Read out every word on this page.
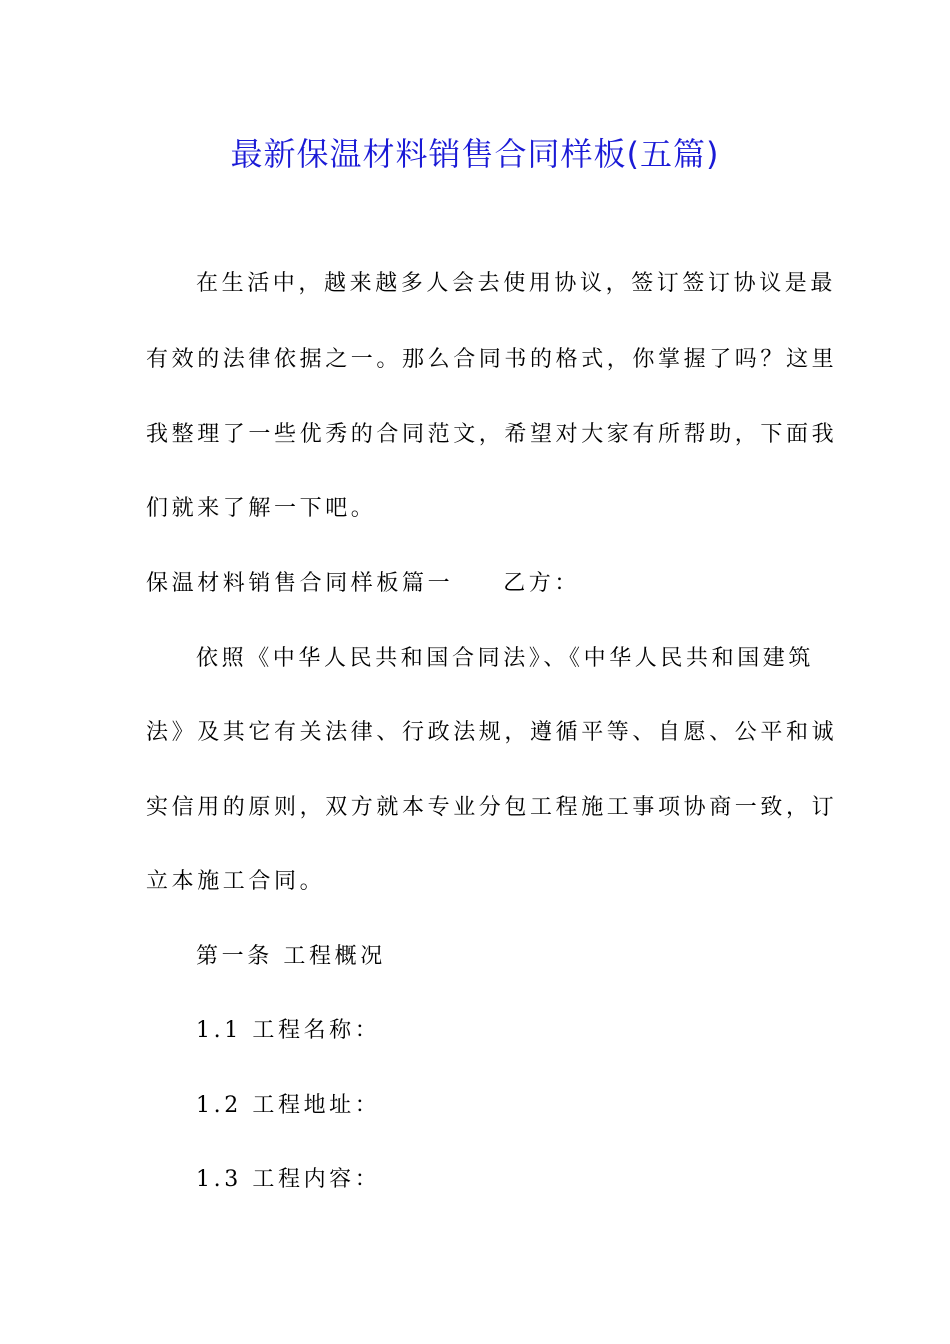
最新保温材料销售合同样板(五篇)
在生活中，越来越多人会去使用协议，签订签订协议是最
有效的法律依据之一。那么合同书的格式，你掌握了吗？这里
我整理了一些优秀的合同范文，希望对大家有所帮助，下面我
们就来了解一下吧。
保温材料销售合同样板篇一 乙方：
依照《中华人民共和国合同法》、《中华人民共和国建筑
法》及其它有关法律、行政法规，遵循平等、自愿、公平和诚
实信用的原则，双方就本专业分包工程施工事项协商一致，订
立本施工合同。
第一条 工程概况
1.1 工程名称：
1.2 工程地址：
1.3 工程内容：
